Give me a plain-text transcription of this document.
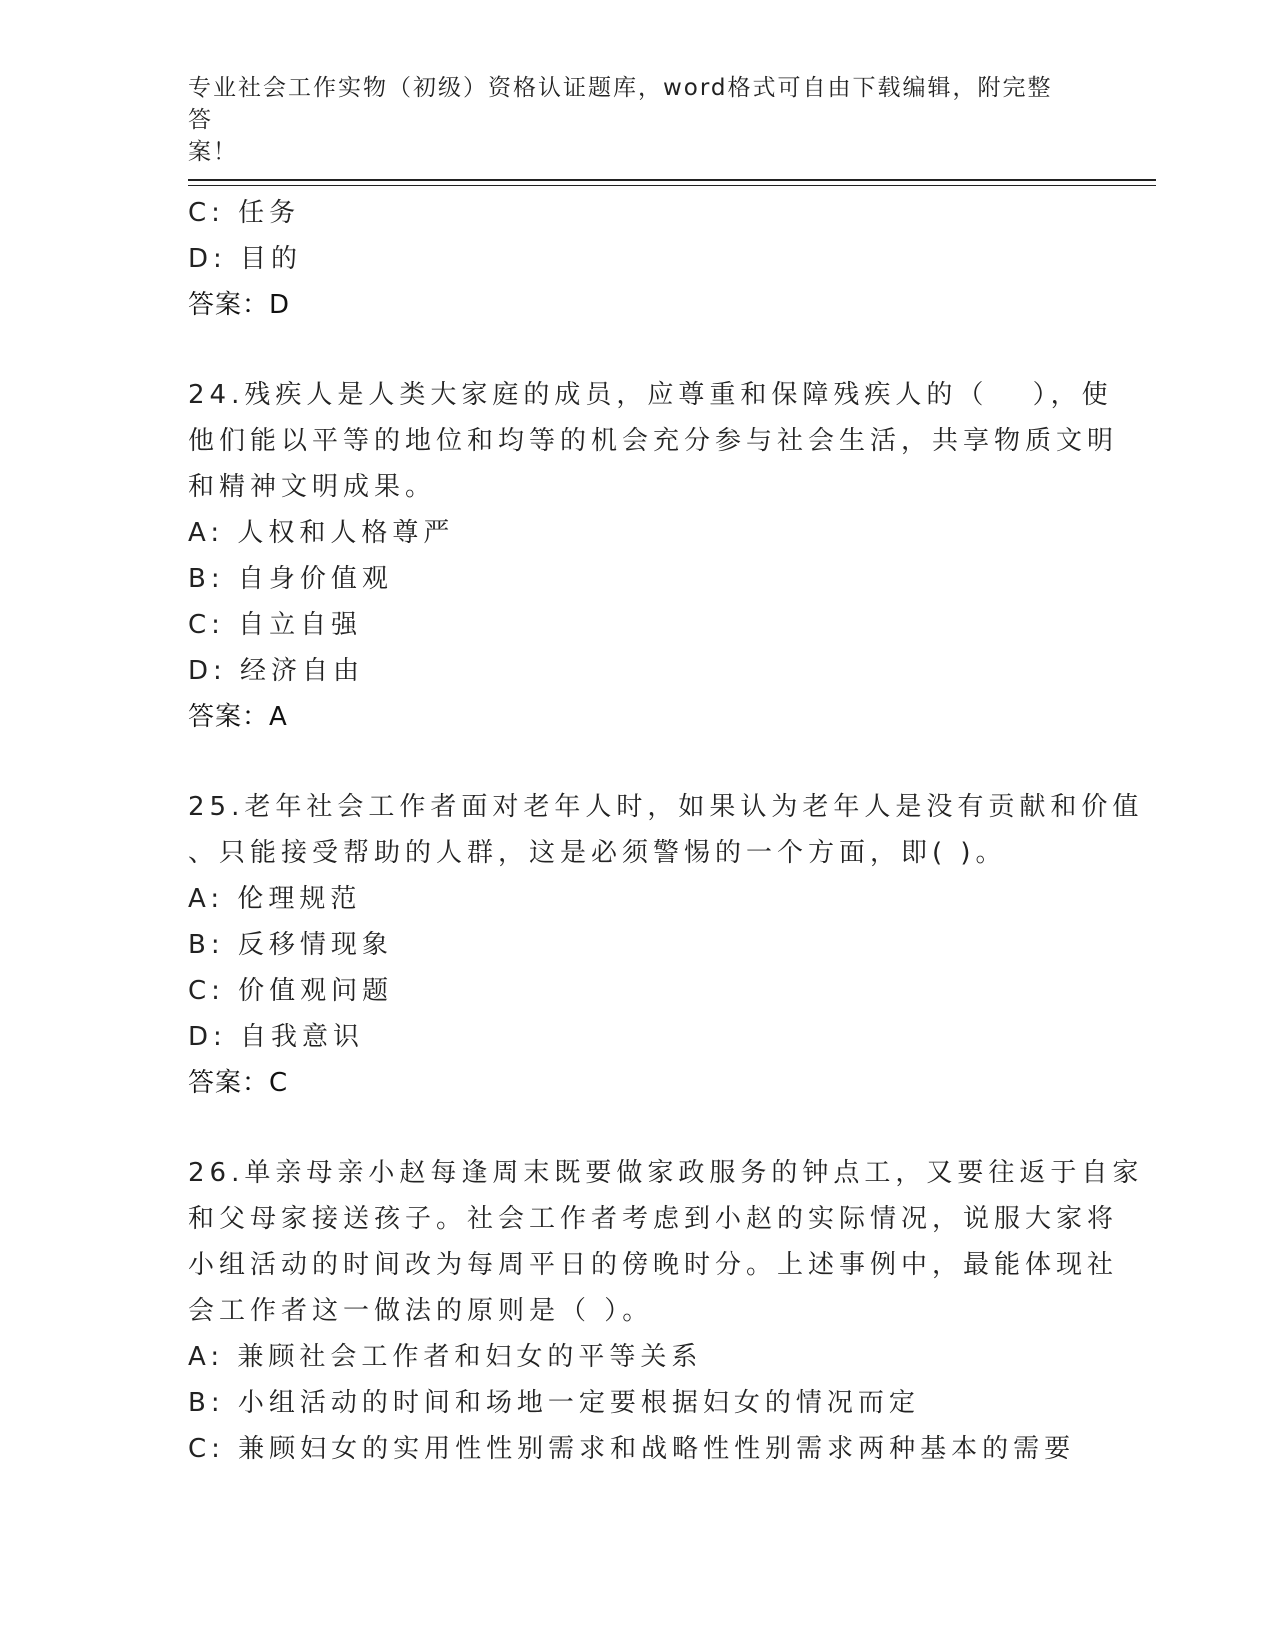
专业社会工作实物（初级）资格认证题库，word格式可自由下载编辑，附完整答
案！
C: 任务
D: 目的
答案：D
24.残疾人是人类大家庭的成员，应尊重和保障残疾人的（　 ），使
他们能以平等的地位和均等的机会充分参与社会生活，共享物质文明
和精神文明成果。
A: 人权和人格尊严
B: 自身价值观
C: 自立自强
D: 经济自由
答案：A
25.老年社会工作者面对老年人时，如果认为老年人是没有贡献和价值
、只能接受帮助的人群，这是必须警惕的一个方面，即( )。
A: 伦理规范
B: 反移情现象
C: 价值观问题
D: 自我意识
答案：C
26.单亲母亲小赵每逢周末既要做家政服务的钟点工，又要往返于自家
和父母家接送孩子。社会工作者考虑到小赵的实际情况，说服大家将
小组活动的时间改为每周平日的傍晚时分。上述事例中，最能体现社
会工作者这一做法的原则是（ ）。
A: 兼顾社会工作者和妇女的平等关系
B: 小组活动的时间和场地一定要根据妇女的情况而定
C: 兼顾妇女的实用性性别需求和战略性性别需求两种基本的需要
